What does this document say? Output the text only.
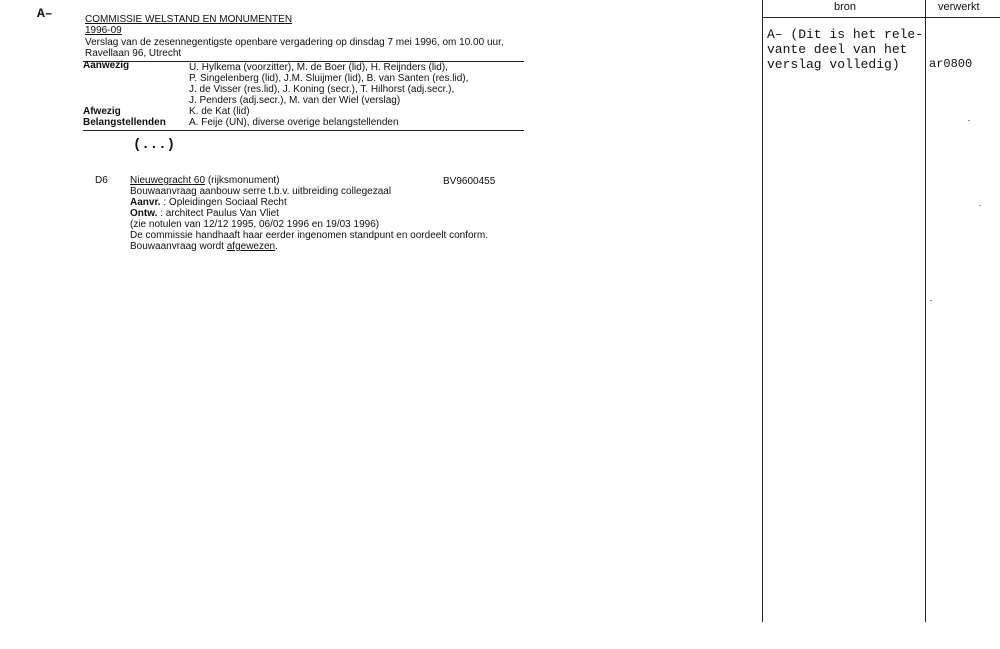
A–	COMMISSIE WELSTAND EN MONUMENTEN
1996-09
Verslag van de zesennegentigste openbare vergadering op dinsdag 7 mei 1996, om 10.00 uur,
Ravellaan 96, Utrecht
Aanwezig	U. Hylkema (voorzitter), M. de Boer (lid), H. Reijnders (lid),
P. Singelenberg (lid), J.M. Sluijmer (lid), B. van Santen (res.lid),
J. de Visser (res.lid), J. Koning (secr.), T. Hilhorst (adj.secr.),
J. Penders (adj.secr.), M. van der Wiel (verslag)
Afwezig	K. de Kat (lid)
Belangstellenden A. Feije (UN), diverse overige belangstellenden
(...)
D6 Nieuwegracht 60 (rijksmonument)	BV9600455
Bouwaanvraag aanbouw serre t.b.v. uitbreiding collegezaal
Aanvr. : Opleidingen Sociaal Recht
Ontw. : architect Paulus Van Vliet
(zie notulen van 12/12 1995, 06/02 1996 en 19/03 1996)
De commissie handhaaft haar eerder ingenomen standpunt en oordeelt conform.
Bouwaanvraag wordt afgewezen.
bron	verwerkt
A– (Dit is het rele-
vante deel van het
verslag volledig) ar0800
